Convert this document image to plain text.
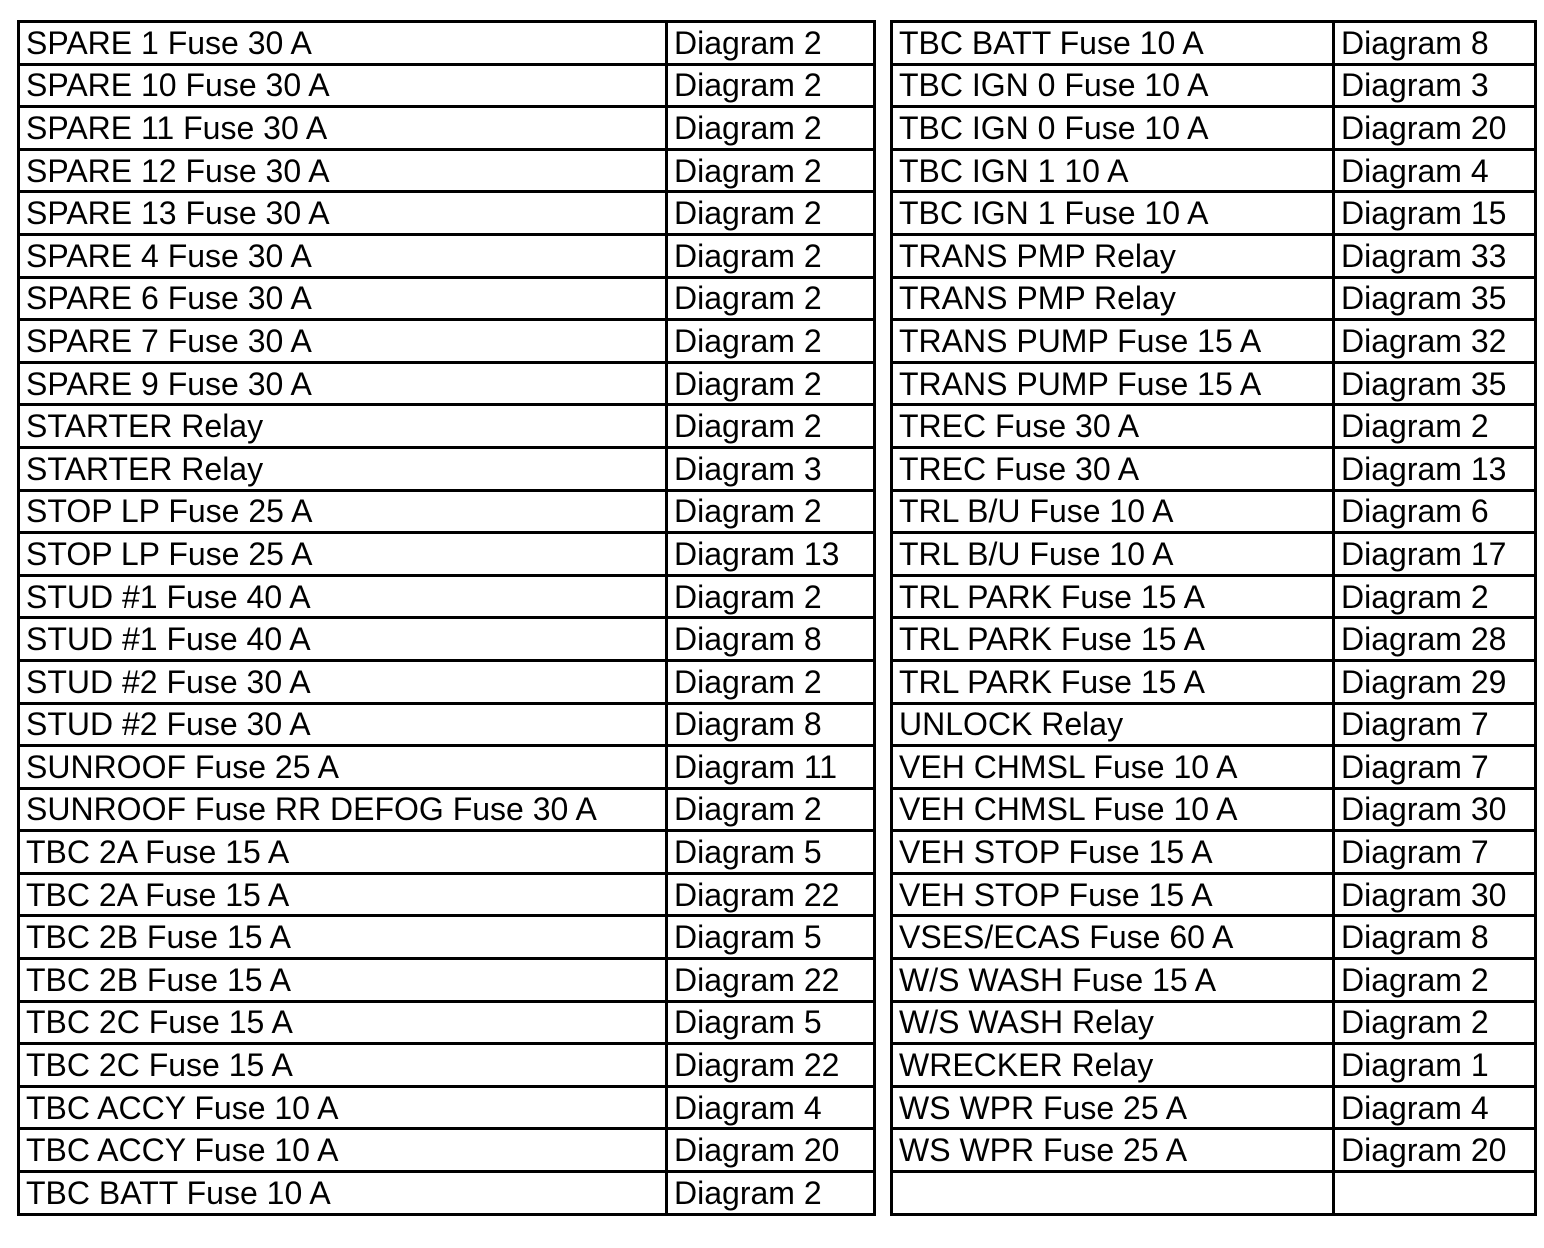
SPARE 1 Fuse 30 A	Diagram 2
SPARE 10 Fuse 30 A	Diagram 2
SPARE 11 Fuse 30 A	Diagram 2
SPARE 12 Fuse 30 A	Diagram 2
SPARE 13 Fuse 30 A	Diagram 2
SPARE 4 Fuse 30 A	Diagram 2
SPARE 6 Fuse 30 A	Diagram 2
SPARE 7 Fuse 30 A	Diagram 2
SPARE 9 Fuse 30 A	Diagram 2
STARTER Relay	Diagram 2
STARTER Relay	Diagram 3
STOP LP Fuse 25 A	Diagram 2
STOP LP Fuse 25 A	Diagram 13
STUD #1 Fuse 40 A	Diagram 2
STUD #1 Fuse 40 A	Diagram 8
STUD #2 Fuse 30 A	Diagram 2
STUD #2 Fuse 30 A	Diagram 8
SUNROOF Fuse 25 A	Diagram 11
SUNROOF Fuse RR DEFOG Fuse 30 A	Diagram 2
TBC 2A Fuse 15 A	Diagram 5
TBC 2A Fuse 15 A	Diagram 22
TBC 2B Fuse 15 A	Diagram 5
TBC 2B Fuse 15 A	Diagram 22
TBC 2C Fuse 15 A	Diagram 5
TBC 2C Fuse 15 A	Diagram 22
TBC ACCY Fuse 10 A	Diagram 4
TBC ACCY Fuse 10 A	Diagram 20
TBC BATT Fuse 10 A	Diagram 2
TBC BATT Fuse 10 A	Diagram 8
TBC IGN 0 Fuse 10 A	Diagram 3
TBC IGN 0 Fuse 10 A	Diagram 20
TBC IGN 1 10 A	Diagram 4
TBC IGN 1 Fuse 10 A	Diagram 15
TRANS PMP Relay	Diagram 33
TRANS PMP Relay	Diagram 35
TRANS PUMP Fuse 15 A	Diagram 32
TRANS PUMP Fuse 15 A	Diagram 35
TREC Fuse 30 A	Diagram 2
TREC Fuse 30 A	Diagram 13
TRL B/U Fuse 10 A	Diagram 6
TRL B/U Fuse 10 A	Diagram 17
TRL PARK Fuse 15 A	Diagram 2
TRL PARK Fuse 15 A	Diagram 28
TRL PARK Fuse 15 A	Diagram 29
UNLOCK Relay	Diagram 7
VEH CHMSL Fuse 10 A	Diagram 7
VEH CHMSL Fuse 10 A	Diagram 30
VEH STOP Fuse 15 A	Diagram 7
VEH STOP Fuse 15 A	Diagram 30
VSES/ECAS Fuse 60 A	Diagram 8
W/S WASH Fuse 15 A	Diagram 2
W/S WASH Relay	Diagram 2
WRECKER Relay	Diagram 1
WS WPR Fuse 25 A	Diagram 4
WS WPR Fuse 25 A	Diagram 20
